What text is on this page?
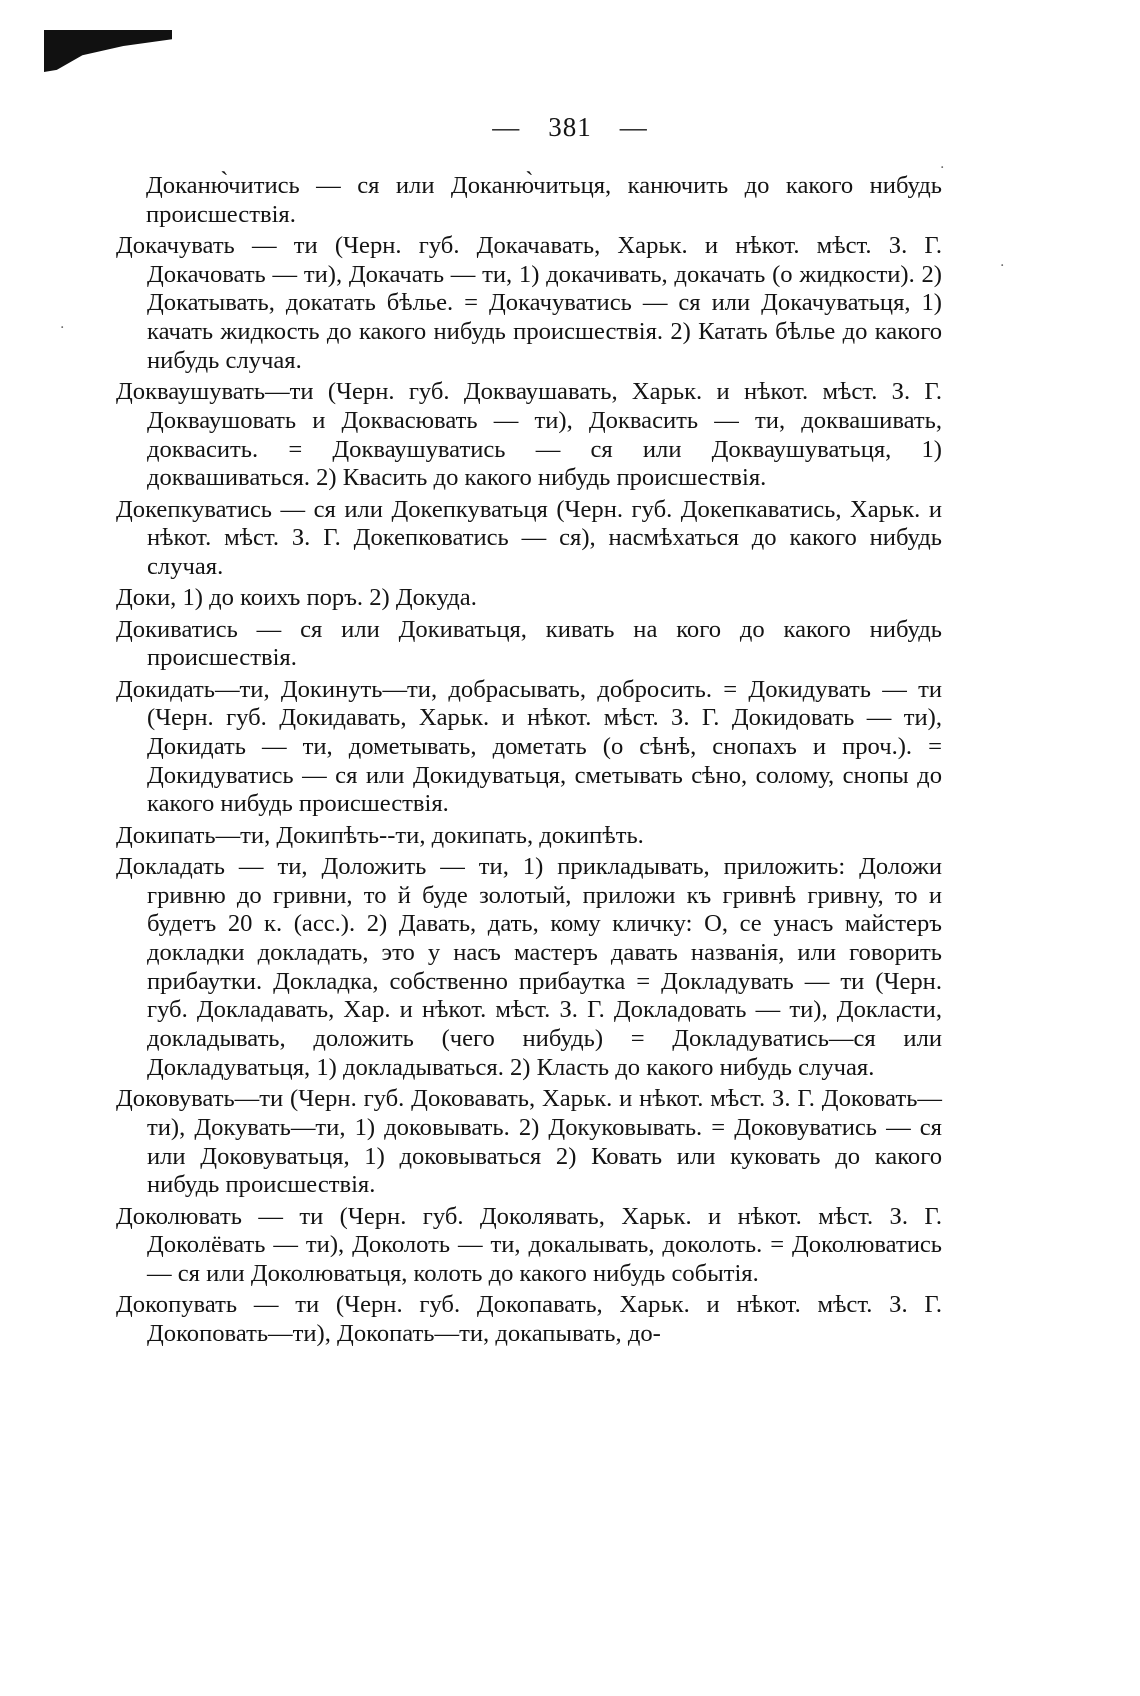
— 381 —
·
·
·

Доканю̀читись — ся или Доканю̀читьця, канючить до какого нибудь происшествія.

Докачувать — ти (Черн. губ. Докачавать, Харьк. и нѣкот. мѣст. З. Г. Докачовать — ти), Докачать — ти, 1) докачивать, докачать (о жидкости). 2) Докатывать, докатать бѣлье. = Докачуватись — ся или Докачуватьця, 1) качать жидкость до какого нибудь происшествія. 2) Катать бѣлье до какого нибудь случая.

Докваушувать—ти (Черн. губ. Докваушавать, Харьк. и нѣкот. мѣст. З. Г. Докваушовать и Доквасювать — ти), Доквасить — ти, доквашивать, доквасить. = Докваушуватись — ся или Докваушуватьця, 1) доквашиваться. 2) Квасить до какого нибудь происшествія.

Докепкуватись — ся или Докепкуватьця (Черн. губ. Докепкаватись, Харьк. и нѣкот. мѣст. З. Г. Докепковатись — ся), насмѣхаться до какого нибудь случая.

Доки, 1) до коихъ поръ. 2) Докуда.

Докиватись — ся или Докиватьця, кивать на кого до какого нибудь происшествія.

Докидать—ти, Докинуть—ти, добрасывать, добросить. = Докидувать — ти (Черн. губ. Докидавать, Харьк. и нѣкот. мѣст. З. Г. Докидовать — ти), Докидать — ти, дометывать, дометать (о сѣнѣ, снопахъ и проч.). = Докидуватись — ся или Докидуватьця, сметывать сѣно, солому, снопы до какого нибудь происшествія.

Докипать—ти, Докипѣть--ти, докипать, докипѣть.

Докладать — ти, Доложить — ти, 1) прикладывать, приложить: Доложи гривню до гривни, то й буде золотый, приложи къ гривнѣ гривну, то и будетъ 20 к. (асс.). 2) Давать, дать, кому кличку: О, се унасъ майстеръ докладки докладать, это у насъ мастеръ давать названія, или говорить прибаутки. Докладка, собственно прибаутка = Докладувать — ти (Черн. губ. Докладавать, Хар. и нѣкот. мѣст. З. Г. Докладовать — ти), Докласти, докладывать, доложить (чего нибудь) = Докладуватись—ся или Докладуватьця, 1) докладываться. 2) Класть до какого нибудь случая.

Доковувать—ти (Черн. губ. Доковавать, Харьк. и нѣкот. мѣст. З. Г. Доковать—ти), Докувать—ти, 1) доковывать. 2) Докуковывать. = Доковуватись — ся или Доковуватьця, 1) доковываться 2) Ковать или куковать до какого нибудь происшествія.

Доколювать — ти (Черн. губ. Доколявать, Харьк. и нѣкот. мѣст. З. Г. Доколёвать — ти), Доколоть — ти, докалывать, доколоть. = Доколюватись — ся или Доколюватьця, колоть до какого нибудь событія.

Докопувать — ти (Черн. губ. Докопавать, Харьк. и нѣкот. мѣст. З. Г. Докоповать—ти), Докопать—ти, докапывать, до-
